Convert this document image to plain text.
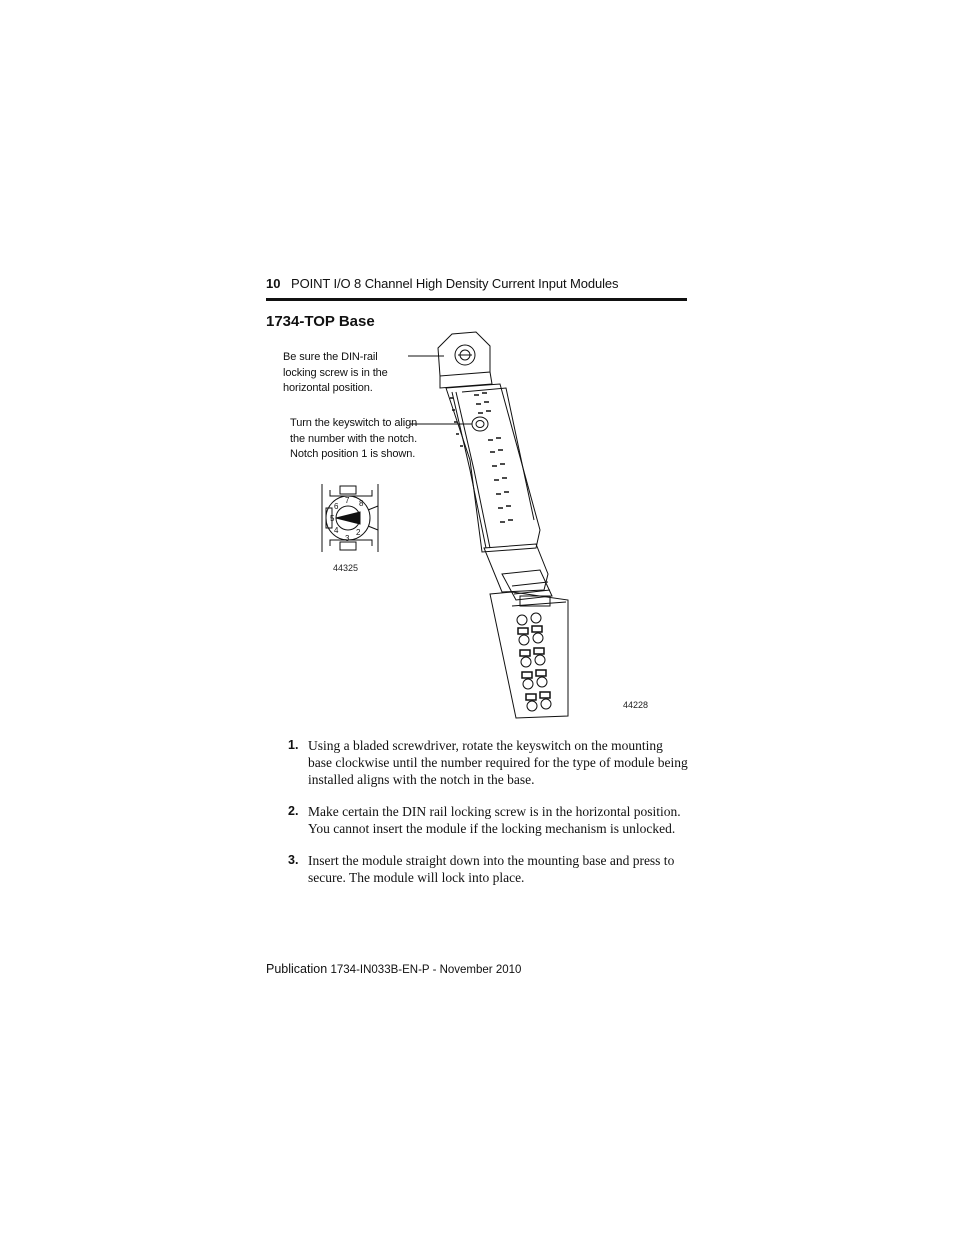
10 POINT I/O 8 Channel High Density Current Input Modules
1734-TOP Base
7
6
5
4
3
2
8
Be sure the DIN-rail locking screw is in the horizontal position.
Turn the keyswitch to align the number with the notch. Notch position 1 is shown.
44325
44228
1. Using a bladed screwdriver, rotate the keyswitch on the mounting base clockwise until the number required for the type of module being installed aligns with the notch in the base.
2. Make certain the DIN rail locking screw is in the horizontal position. You cannot insert the module if the locking mechanism is unlocked.
3. Insert the module straight down into the mounting base and press to secure. The module will lock into place.
Publication 1734-IN033B-EN-P - November 2010
